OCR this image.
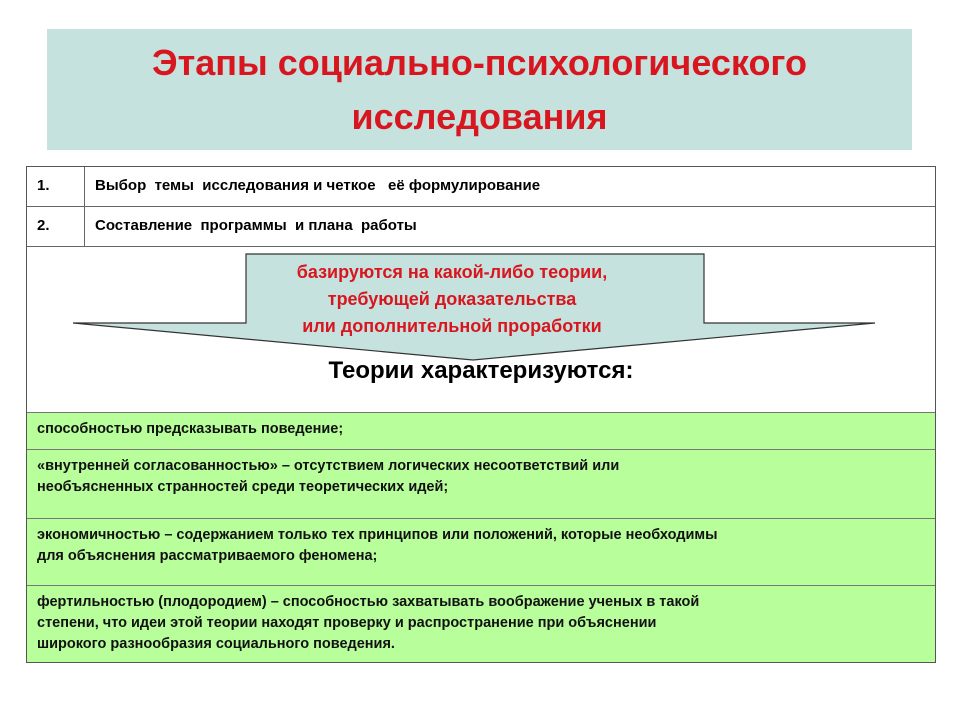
Этапы социально-психологического
исследования
1.	Выбор  темы  исследования и четкое   её формулирование
2.	Составление  программы  и плана  работы
базируются на какой-либо теории,
требующей доказательства
или дополнительной проработки
Теории характеризуются:
способностью предсказывать поведение;
«внутренней согласованностью» – отсутствием логических несоответствий или
необъясненных странностей среди теоретических идей;
экономичностью – содержанием только тех принципов или положений, которые необходимы
для объяснения рассматриваемого феномена;
фертильностью (плодородием) – способностью захватывать воображение ученых в такой
степени, что идеи этой теории находят проверку и распространение при объяснении
широкого разнообразия социального поведения.
